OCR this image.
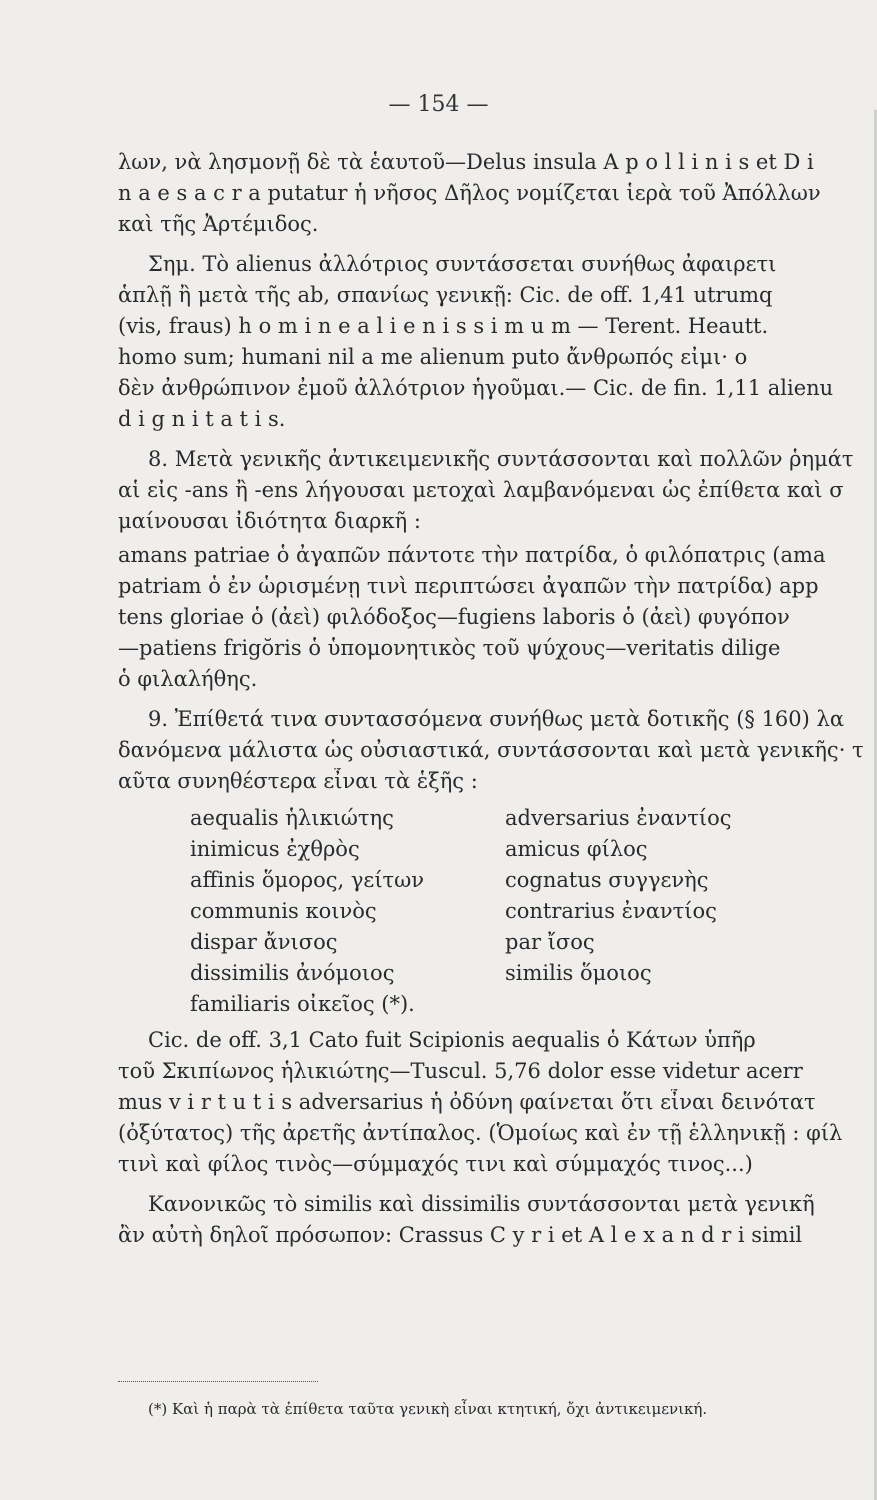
— 154 —
λων, νὰ λησμονῇ δὲ τὰ ἑαυτοῦ—Delus insula A p o l l i n i s et D i
n a e s a c r a putatur ἡ νῆσος Δῆλος νομίζεται ἱερὰ τοῦ Ἀπόλλων
καὶ τῆς Ἀρτέμιδος.
Σημ. Τὸ alienus ἀλλότριος συντάσσεται συνήθως ἀφαιρετι
ἁπλῇ ἢ μετὰ τῆς ab, σπανίως γενικῇ: Cic. de off. 1,41 utrumq
(vis, fraus) h o m i n e a l i e n i s s i m u m — Terent. Heautt.
homo sum; humani nil a me alienum puto ἄνθρωπός εἰμι· ο
δὲν ἀνθρώπινον ἐμοῦ ἀλλότριον ἡγοῦμαι.— Cic. de fin. 1,11 alienu
d i g n i t a t i s.
8. Μετὰ γενικῆς ἀντικειμενικῆς συντάσσονται καὶ πολλῶν ῥημάτ
αἱ εἰς -ans ἢ -ens λήγουσαι μετοχαὶ λαμβανόμεναι ὡς ἐπίθετα καὶ σ
μαίνουσαι ἰδιότητα διαρκῆ :
amans patriae ὁ ἀγαπῶν πάντοτε τὴν πατρίδα, ὁ φιλόπατρις (ama
patriam ὁ ἐν ὡρισμένῃ τινὶ περιπτώσει ἀγαπῶν τὴν πατρίδα) app
tens gloriae ὁ (ἀεὶ) φιλόδοξος—fugiens laboris ὁ (ἀεὶ) φυγόπον
—patiens frigŏris ὁ ὑπομονητικὸς τοῦ ψύχους—veritatis dilige
ὁ φιλαλήθης.
9. Ἐπίθετά τινα συντασσόμενα συνήθως μετὰ δοτικῆς (§ 160) λα
δανόμενα μάλιστα ὡς οὐσιαστικά, συντάσσονται καὶ μετὰ γενικῆς· τ
αῦτα συνηθέστερα εἶναι τὰ ἑξῆς :
aequalis ἡλικιώτης	adversarius ἐναντίος
inimicus ἐχθρὸς	amicus φίλος
affinis ὅμορος, γείτων	cognatus συγγενὴς
communis κοινὸς	contrarius ἐναντίος
dispar ἄνισος	par ἴσος
dissimilis ἀνόμοιος	similis ὅμοιος
familiaris οἰκεῖος (*).
Cic. de off. 3,1 Cato fuit Scipionis aequalis ὁ Κάτων ὑπῆρ
τοῦ Σκιπίωνος ἡλικιώτης—Tuscul. 5,76 dolor esse videtur acerr
mus v i r t u t i s adversarius ἡ ὀδύνη φαίνεται ὅτι εἶναι δεινότατ
(ὀξύτατος) τῆς ἀρετῆς ἀντίπαλος. (Ὁμοίως καὶ ἐν τῇ ἑλληνικῇ : φίλ
τινὶ καὶ φίλος τινὸς—σύμμαχός τινι καὶ σύμμαχός τινος...)
Κανονικῶς τὸ similis καὶ dissimilis συντάσσονται μετὰ γενικῆ
ἂν αὐτὴ δηλοῖ πρόσωπον: Crassus C y r i et A l e x a n d r i simil
(*) Καὶ ἡ παρὰ τὰ ἐπίθετα ταῦτα γενικὴ εἶναι κτητική, ὄχι ἀντικειμενική.
